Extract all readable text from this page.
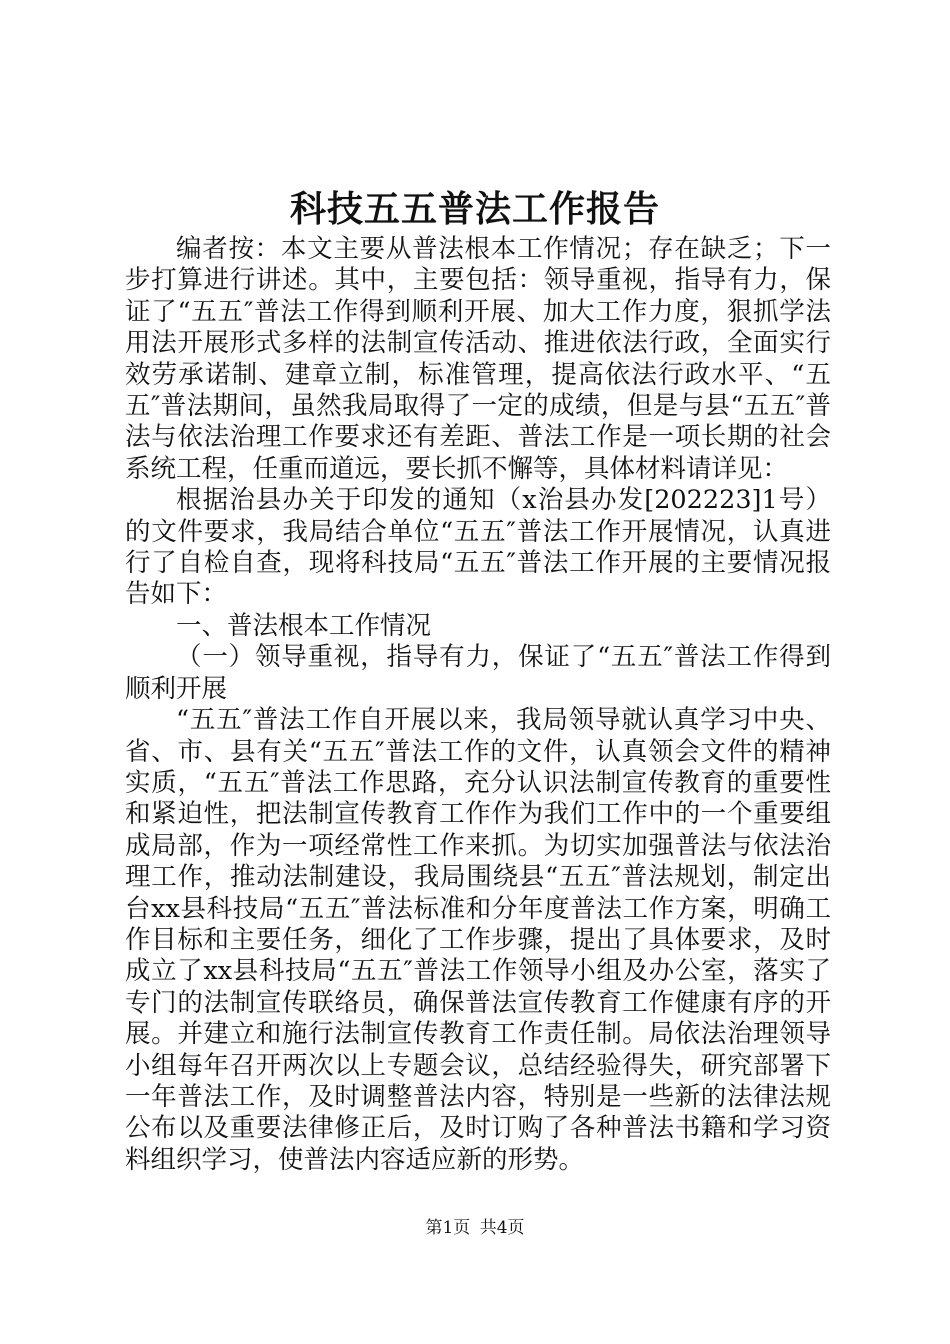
科技五五普法工作报告

编者按：本文主要从普法根本工作情况；存在缺乏；下一步打算进行讲述。其中，主要包括：领导重视，指导有力，保证了“五五″普法工作得到顺利开展、加大工作力度，狠抓学法用法开展形式多样的法制宣传活动、推进依法行政，全面实行效劳承诺制、建章立制，标准管理，提高依法行政水平、“五五″普法期间，虽然我局取得了一定的成绩，但是与县“五五″普法与依法治理工作要求还有差距、普法工作是一项长期的社会系统工程，任重而道远，要长抓不懈等，具体材料请详见：

根据治县办关于印发的通知（x治县办发[202223]1号）的文件要求，我局结合单位“五五″普法工作开展情况，认真进行了自检自查，现将科技局“五五″普法工作开展的主要情况报告如下：

一、普法根本工作情况

（一）领导重视，指导有力，保证了“五五″普法工作得到顺利开展

“五五″普法工作自开展以来，我局领导就认真学习中央、省、市、县有关“五五″普法工作的文件，认真领会文件的精神实质，“五五″普法工作思路，充分认识法制宣传教育的重要性和紧迫性，把法制宣传教育工作作为我们工作中的一个重要组成局部，作为一项经常性工作来抓。为切实加强普法与依法治理工作，推动法制建设，我局围绕县“五五″普法规划，制定出台xx县科技局“五五″普法标准和分年度普法工作方案，明确工作目标和主要任务，细化了工作步骤，提出了具体要求，及时成立了xx县科技局“五五″普法工作领导小组及办公室，落实了专门的法制宣传联络员，确保普法宣传教育工作健康有序的开展。并建立和施行法制宣传教育工作责任制。局依法治理领导小组每年召开两次以上专题会议，总结经验得失，研究部署下一年普法工作，及时调整普法内容，特别是一些新的法律法规公布以及重要法律修正后，及时订购了各种普法书籍和学习资料组织学习，使普法内容适应新的形势。

第1页 共4页
